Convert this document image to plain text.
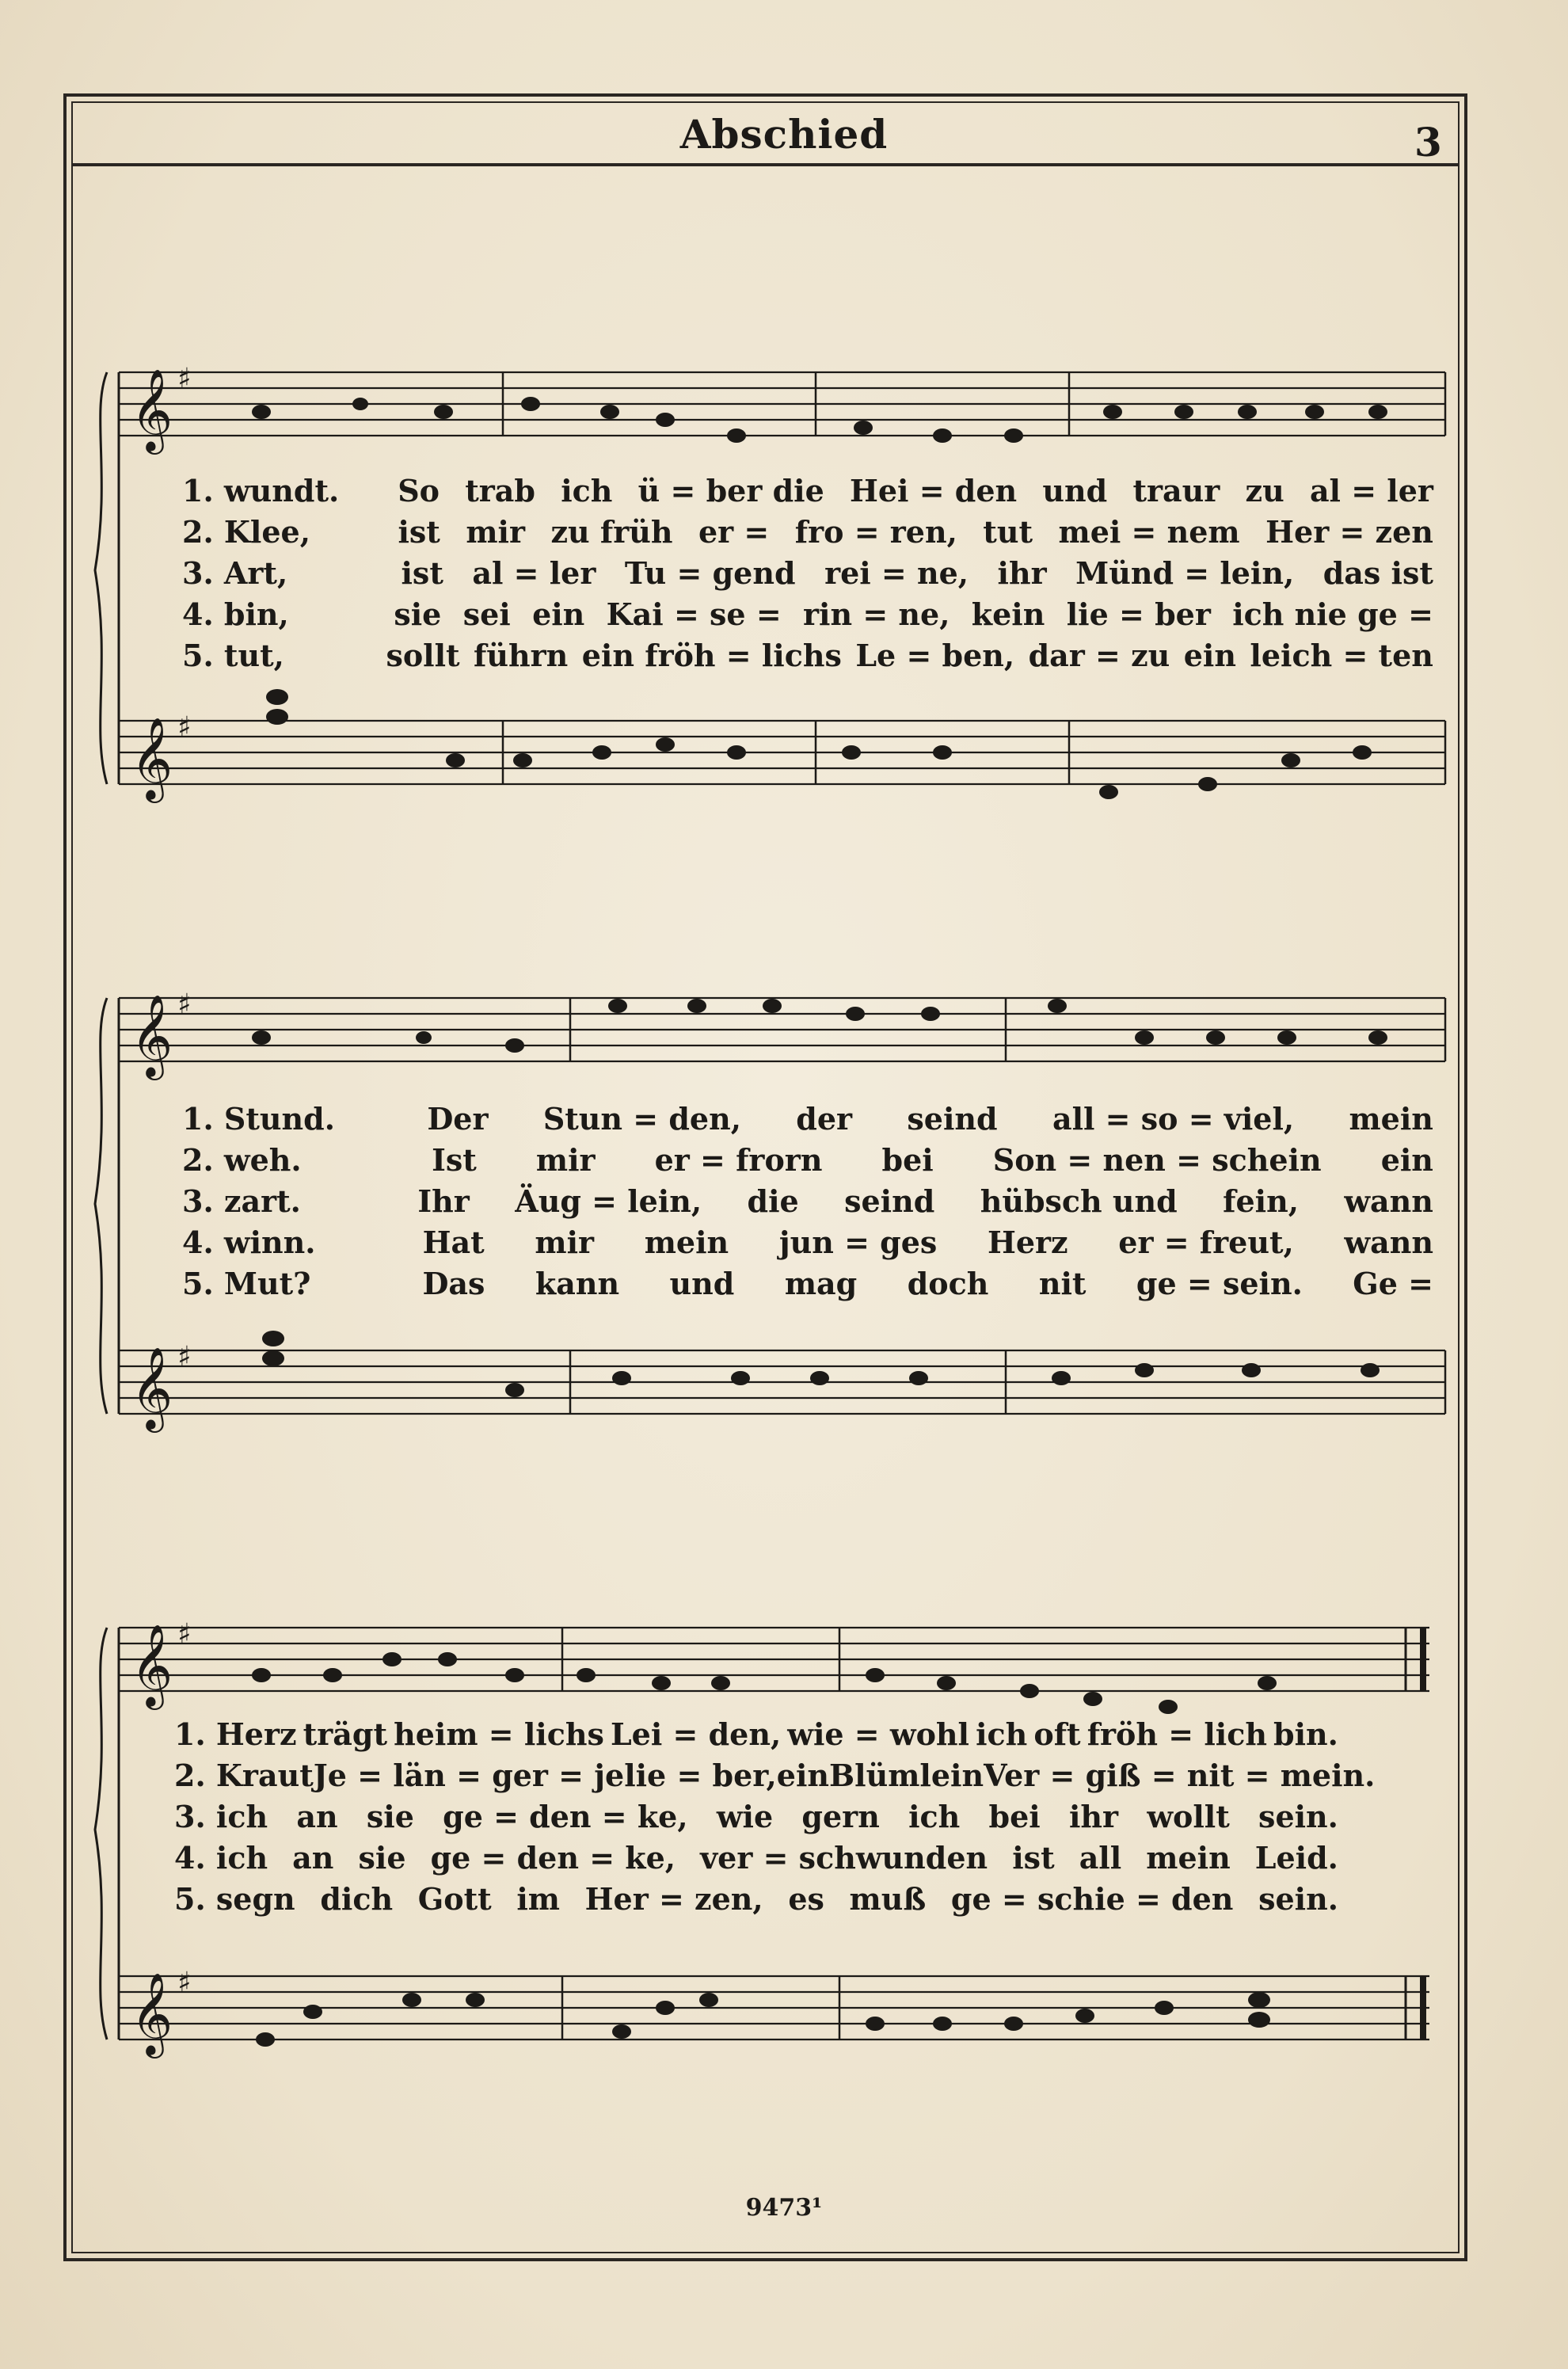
Abschied	3
𝄞 ♯
𝄞 ♯
𝄞 ♯
𝄞 ♯
𝄞 ♯
𝄞 ♯
1. wundt.	So trab ich ü = ber die Hei = den und traur zu al = ler
2. Klee,	ist mir zu früh er = fro = ren, tut mei = nem Her = zen
3. Art,	ist al = ler Tu = gend rei = ne, ihr Münd = lein, das ist
4. bin,	sie sei ein Kai = se = rin = ne, kein lie = ber ich nie ge =
5. tut,	sollt führn ein fröh = lichs Le = ben, dar = zu ein leich = ten
1. Stund.	Der Stun = den, der seind all = so = viel, mein
2. weh.	Ist mir er = frorn bei Son = nen = schein ein
3. zart.	Ihr Äug = lein, die seind hübsch und fein, wann
4. winn.	Hat mir mein jun = ges Herz er = freut, wann
5. Mut?	Das kann und mag doch nit ge = sein. Ge =
1. Herz trägt heim = lichs Lei = den, wie = wohl ich oft fröh = lich bin.
2. Kraut Je = län = ger = je lie = ber, ein Blümlein Ver = giß = nit = mein.
3. ich an sie ge = den = ke, wie gern ich bei ihr wollt sein.
4. ich an sie ge = den = ke, ver = schwunden ist all mein Leid.
5. segn dich Gott im Her = zen, es muß ge = schie = den sein.
9473¹
